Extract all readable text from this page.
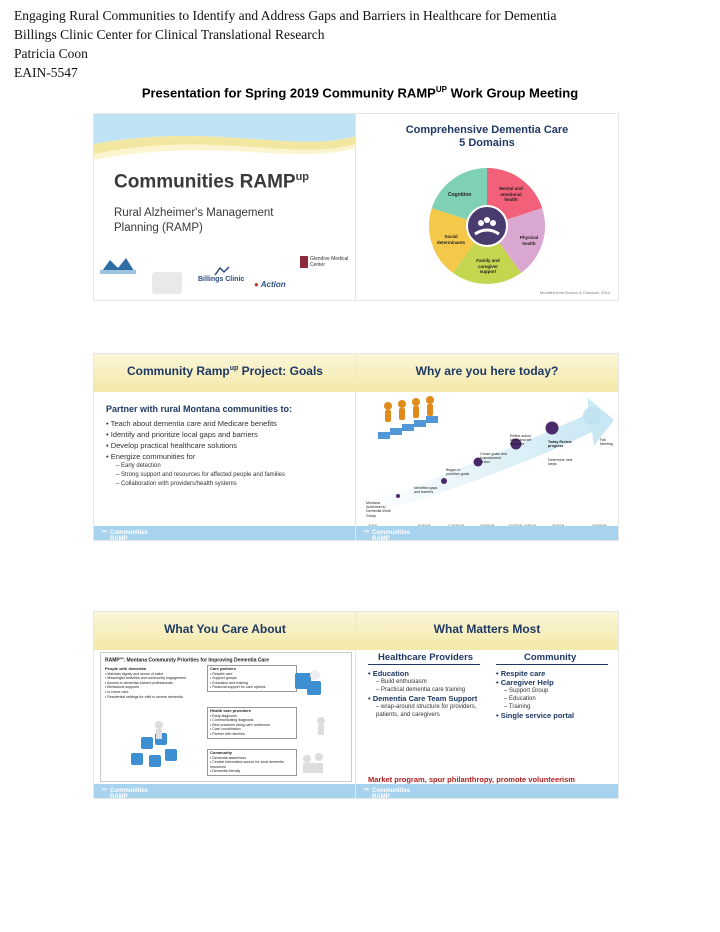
Engaging Rural Communities to Identify and Address Gaps and Barriers in Healthcare for Dementia
Billings Clinic Center for Clinical Translational Research
Patricia Coon
EAIN-5547
Presentation for Spring 2019 Community $RAMP^{UP}$ Work Group Meeting
Communities $RAMP^{up}$
Rural Alzheimer's Management
Planning (RAMP)
Billings Clinic
Glendive Medical Center
● Action
Comprehensive Dementia Care
5 Domains
Cognition
Mental and emotional health
Physical health
Family and caregiver support
Social determinants
Modified from Borson & Chodosh, 2014
Community Ramp$^{up}$ Project: Goals
Partner with rural Montana communities to:
• Teach about dementia care and Medicare benefits
• Identify and prioritize local gaps and barriers
• Develop practical healthcare solutions
• Energize communities for
– Early detection
– Strong support and resources for affected people and families
– Collaboration with providers/health systems
Communities RAMP
$^{up}$
Why are you here today?
Montana Alzheimer's/ Dementia Work Group
Identified gaps and barriers
Began to prioritize goals
Chose goals and brainstormed action
Refine action steps and set timelines
Today Review progress
Determine next steps
Fall Meeting
Communities RAMP
$^{up}$
What You Care About
$RAMP^{up}$: Montana Community Priorities for Improving Dementia Care
People with dementia
• Maintain dignity and sense of value
• Meaningful activities and community engagement
• Access to dementia-trained professionals
• Behavioral supports
• In-home care
• Residential settings for mild to severe dementia
Care partners
• Respite care
• Support groups
• Education and training
• Financial support for care options
Health care providers
• Early diagnosis
• Communicating diagnosis
• Best practices along care continuum
• Care coordination
• Partner with families
Community
• Dementia awareness
• Central information source for local dementia resources
• Dementia friendly
Communities RAMP
$^{up}$
What Matters Most
Healthcare Providers	Community
• Education
– Build enthusiasm
– Practical dementia care training
• Dementia Care Team Support
– wrap-around structure for providers, patients, and caregivers
• Respite care
• Caregiver Help
– Support Group
– Education
– Training
• Single service portal
Market program, spur philanthropy, promote volunteerism
Communities RAMP
$^{up}$
